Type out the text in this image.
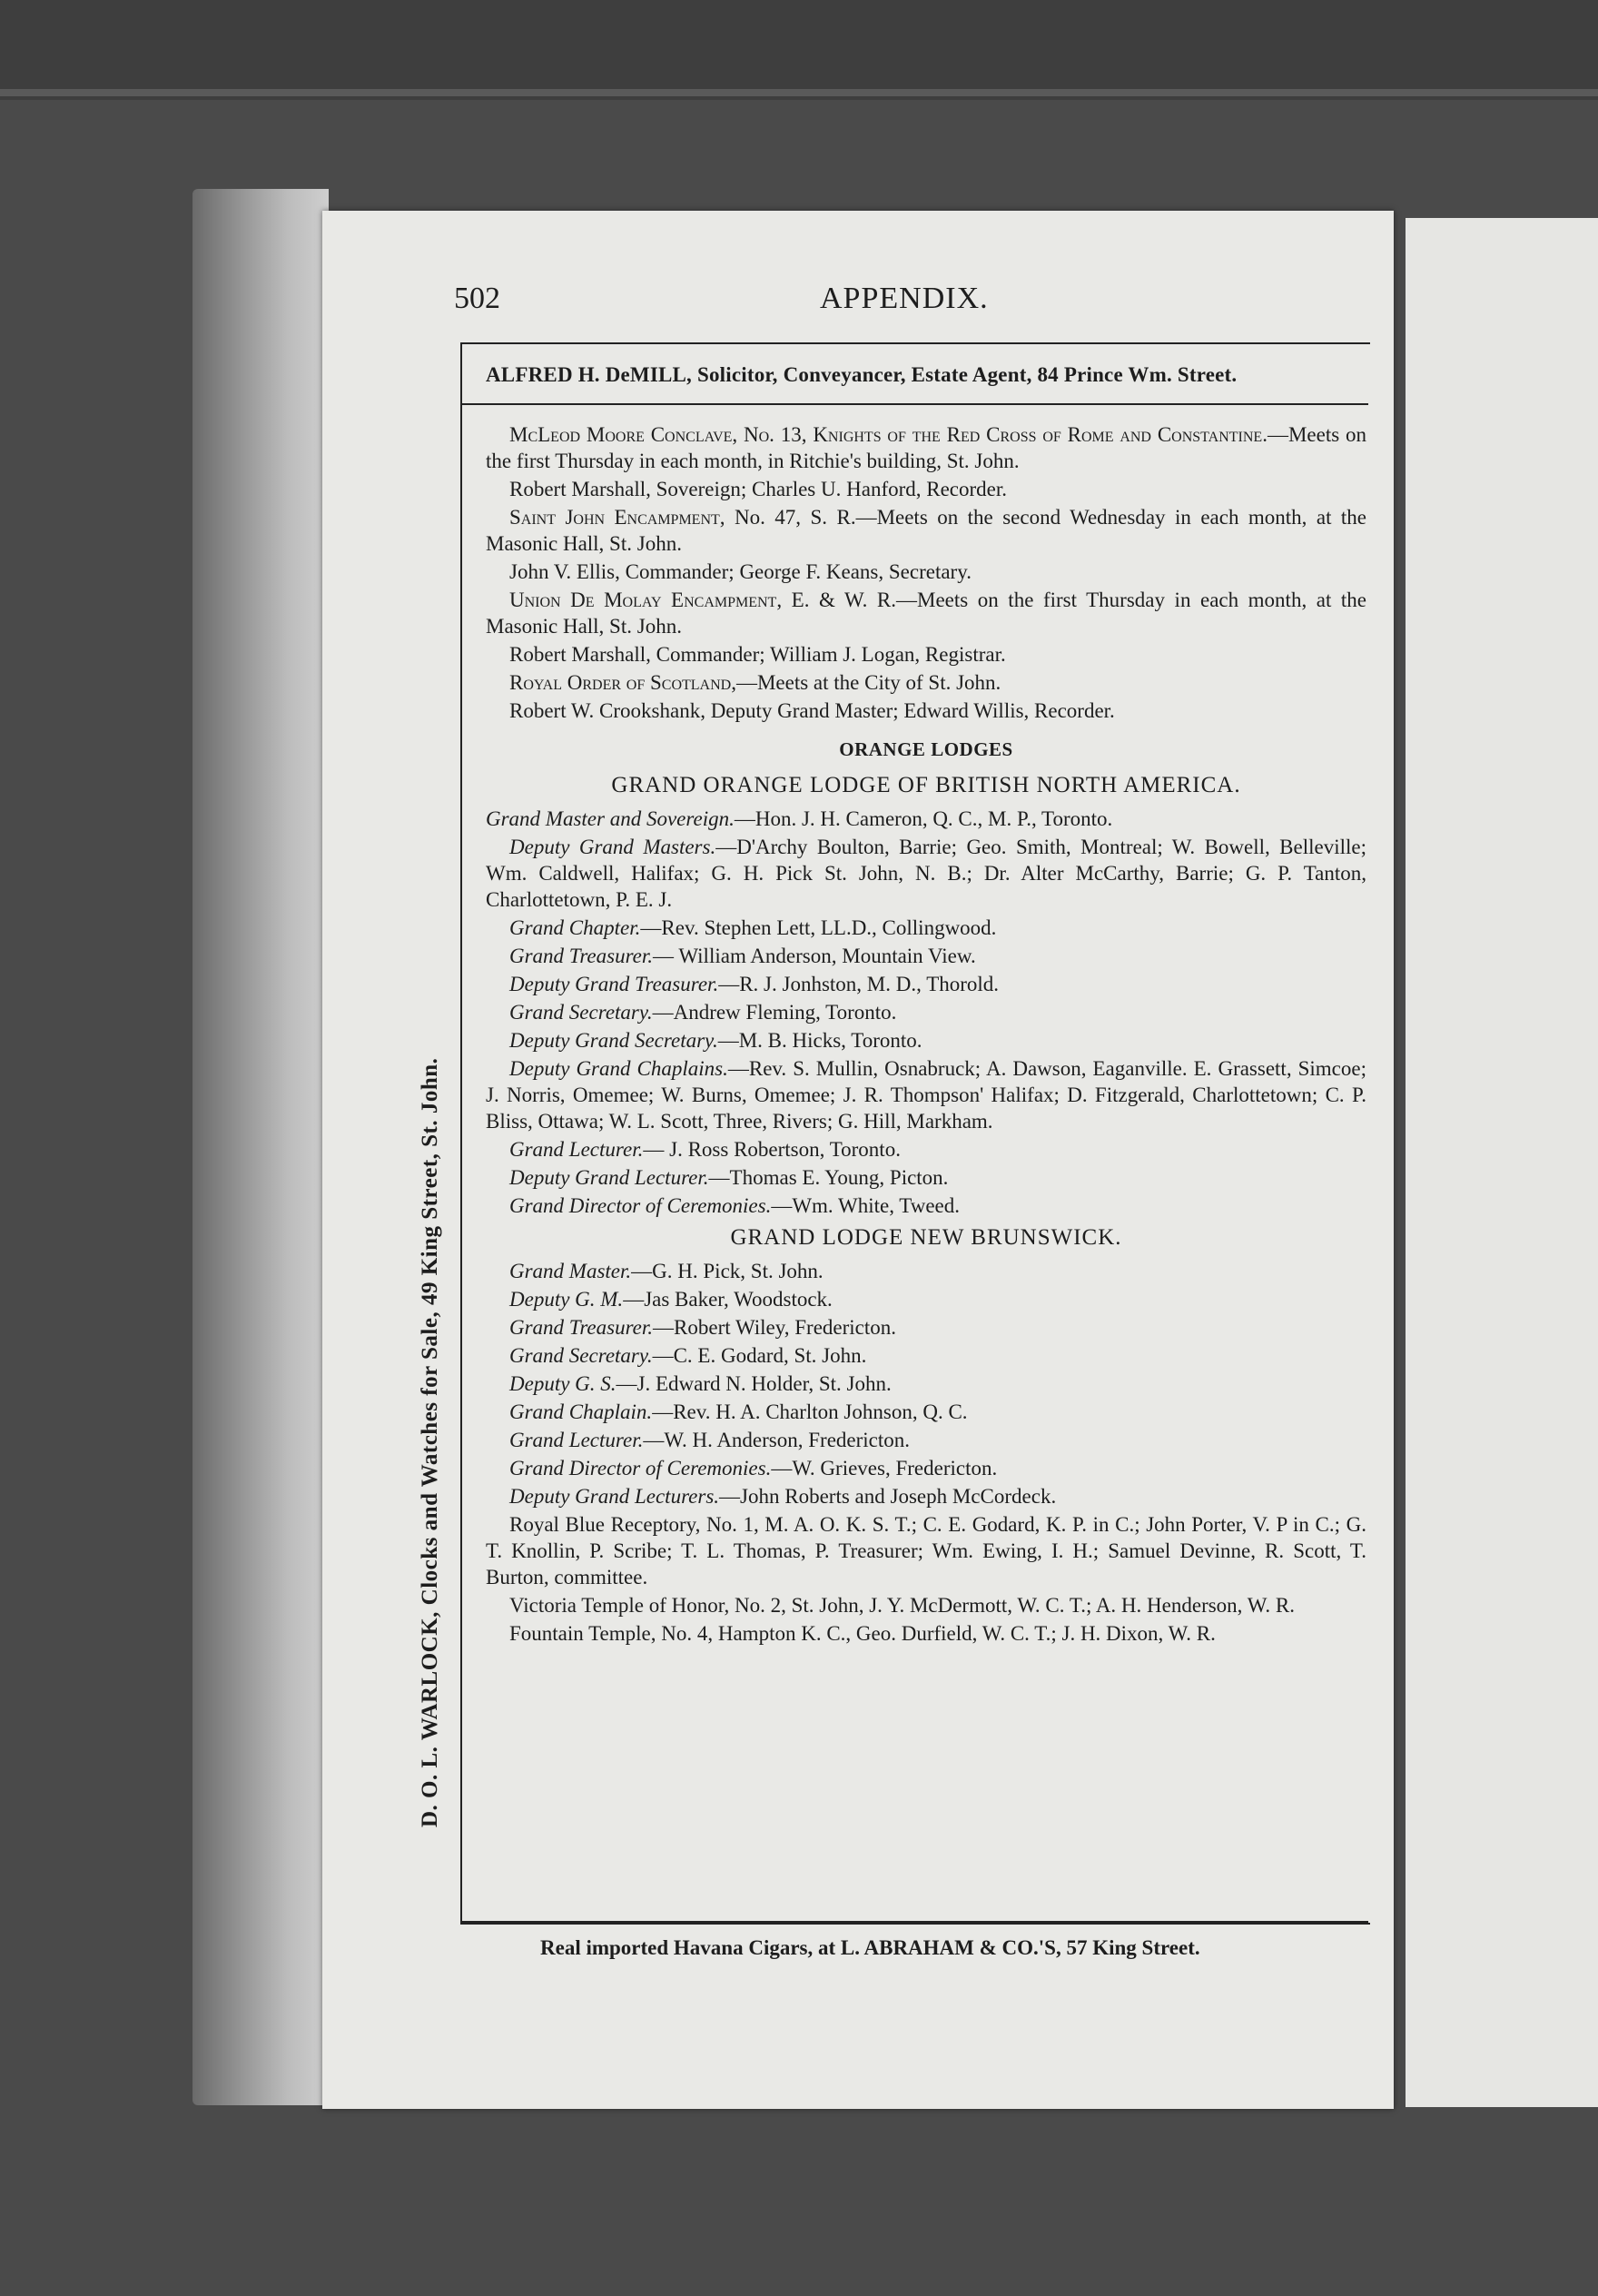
502	APPENDIX.
ALFRED H. DeMILL, Solicitor, Conveyancer, Estate Agent, 84 Prince Wm. Street.
D. O. L. WARLOCK, Clocks and Watches for Sale, 49 King Street, St. John.

McLeod Moore Conclave, No. 13, Knights of the Red Cross of Rome and Constantine.—Meets on the first Thursday in each month, in Ritchie's building, St. John.

Robert Marshall, Sovereign; Charles U. Hanford, Recorder.

Saint John Encampment, No. 47, S. R.—Meets on the second Wednesday in each month, at the Masonic Hall, St. John.

John V. Ellis, Commander; George F. Keans, Secretary.

Union De Molay Encampment, E. & W. R.—Meets on the first Thursday in each month, at the Masonic Hall, St. John.

Robert Marshall, Commander; William J. Logan, Registrar.

Royal Order of Scotland,—Meets at the City of St. John.

Robert W. Crookshank, Deputy Grand Master; Edward Willis, Recorder.

ORANGE LODGES

GRAND ORANGE LODGE OF BRITISH NORTH AMERICA.

Grand Master and Sovereign.—Hon. J. H. Cameron, Q. C., M. P., Toronto.

Deputy Grand Masters.—D'Archy Boulton, Barrie; Geo. Smith, Montreal; W. Bowell, Belleville; Wm. Caldwell, Halifax; G. H. Pick St. John, N. B.; Dr. Alter McCarthy, Barrie; G. P. Tanton, Charlottetown, P. E. J.

Grand Chapter.—Rev. Stephen Lett, LL.D., Collingwood.

Grand Treasurer.— William Anderson, Mountain View.

Deputy Grand Treasurer.—R. J. Jonhston, M. D., Thorold.

Grand Secretary.—Andrew Fleming, Toronto.

Deputy Grand Secretary.—M. B. Hicks, Toronto.

Deputy Grand Chaplains.—Rev. S. Mullin, Osnabruck; A. Dawson, Eaganville. E. Grassett, Simcoe; J. Norris, Omemee; W. Burns, Omemee; J. R. Thompson' Halifax; D. Fitzgerald, Charlottetown; C. P. Bliss, Ottawa; W. L. Scott, Three, Rivers; G. Hill, Markham.

Grand Lecturer.— J. Ross Robertson, Toronto.

Deputy Grand Lecturer.—Thomas E. Young, Picton.

Grand Director of Ceremonies.—Wm. White, Tweed.

GRAND LODGE NEW BRUNSWICK.

Grand Master.—G. H. Pick, St. John.

Deputy G. M.—Jas Baker, Woodstock.

Grand Treasurer.—Robert Wiley, Fredericton.

Grand Secretary.—C. E. Godard, St. John.

Deputy G. S.—J. Edward N. Holder, St. John.

Grand Chaplain.—Rev. H. A. Charlton Johnson, Q. C.

Grand Lecturer.—W. H. Anderson, Fredericton.

Grand Director of Ceremonies.—W. Grieves, Fredericton.

Deputy Grand Lecturers.—John Roberts and Joseph McCordeck.

Royal Blue Receptory, No. 1, M. A. O. K. S. T.; C. E. Godard, K. P. in C.; John Porter, V. P in C.; G. T. Knollin, P. Scribe; T. L. Thomas, P. Treasurer; Wm. Ewing, I. H.; Samuel Devinne, R. Scott, T. Burton, committee.

Victoria Temple of Honor, No. 2, St. John, J. Y. McDermott, W. C. T.; A. H. Henderson, W. R.

Fountain Temple, No. 4, Hampton K. C., Geo. Durfield, W. C. T.; J. H. Dixon, W. R.

Real imported Havana Cigars, at L. ABRAHAM & CO.'S, 57 King Street.
